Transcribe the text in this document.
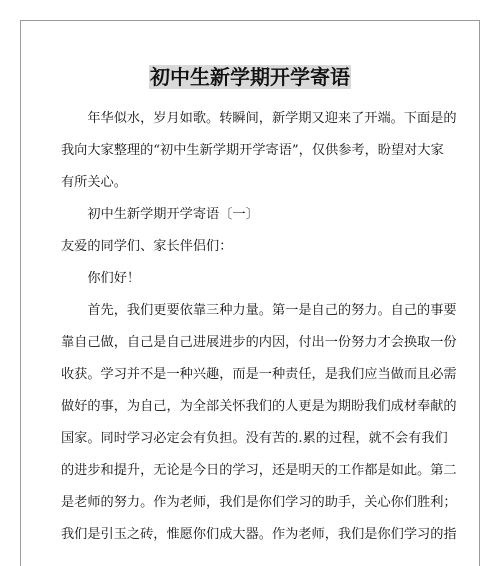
初中生新学期开学寄语
　　年华似水，岁月如歌。转瞬间，新学期又迎来了开端。下面是的
我向大家整理的“初中生新学期开学寄语”，仅供参考，盼望对大家
有所关心。
　　初中生新学期开学寄语〔一〕
友爱的同学们、家长伴侣们：
　　你们好！
　　首先，我们更要依靠三种力量。第一是自己的努力。自己的事要
靠自己做，自己是自己进展进步的内因，付出一份努力才会换取一份
收获。学习并不是一种兴趣，而是一种责任，是我们应当做而且必需
做好的事，为自己，为全部关怀我们的人更是为期盼我们成材奉献的
国家。同时学习必定会有负担。没有苦的.累的过程，就不会有我们
的进步和提升，无论是今日的学习，还是明天的工作都是如此。第二
是老师的努力。作为老师，我们是你们学习的助手，关心你们胜利；
我们是引玉之砖，惟愿你们成大器。作为老师，我们是你们学习的指
